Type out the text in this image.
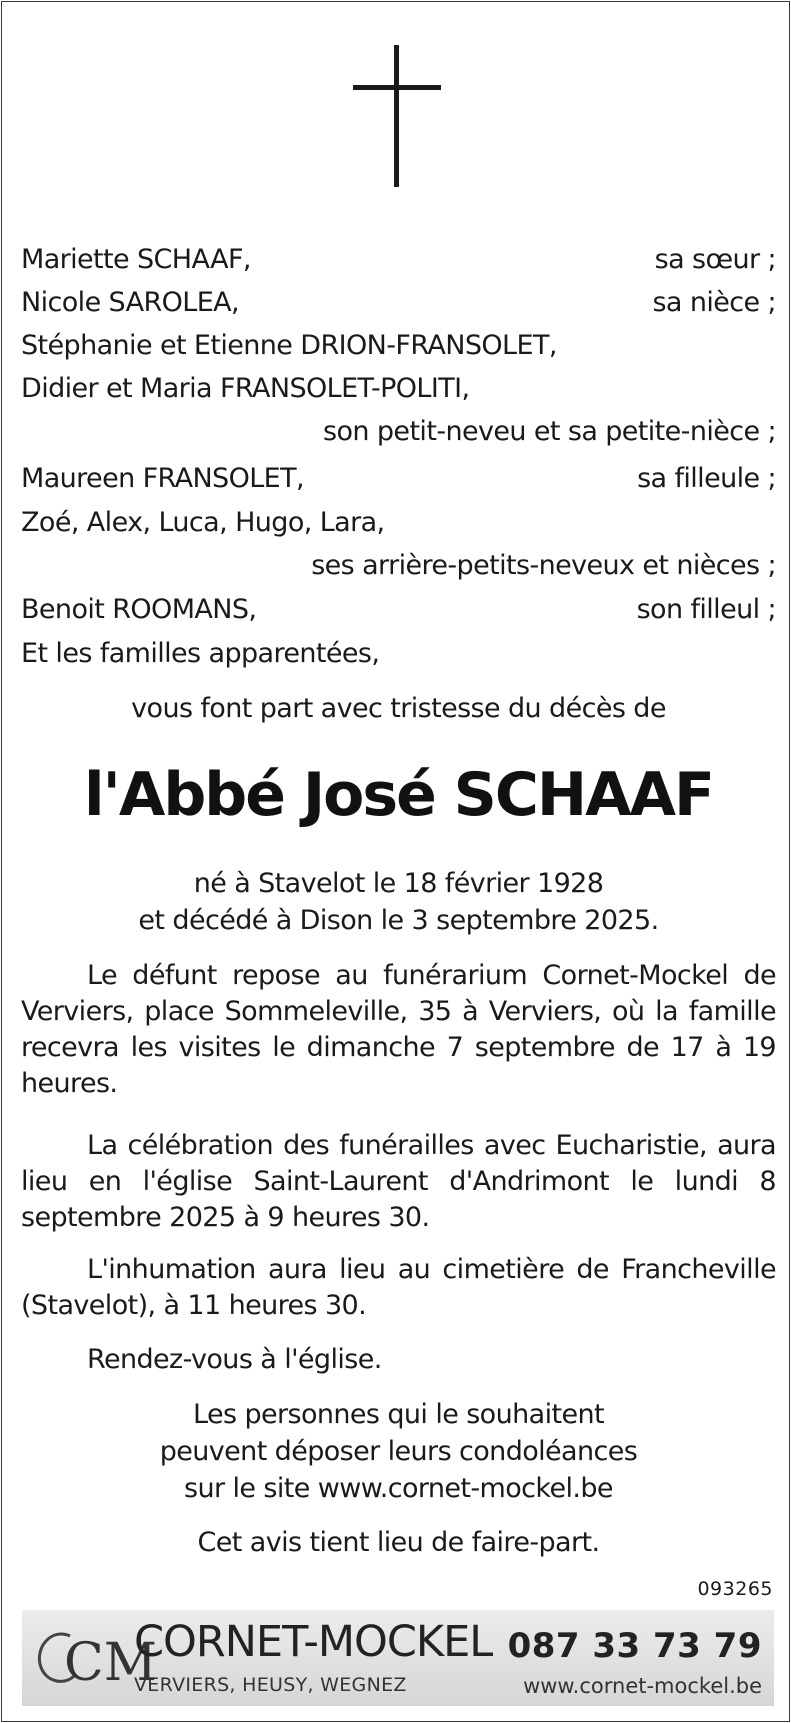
Mariette SCHAAF,	sa sœur ;
Nicole SAROLEA,	sa nièce ;
Stéphanie et Etienne DRION-FRANSOLET,
Didier et Maria FRANSOLET-POLITI,
son petit-neveu et sa petite-nièce ;
Maureen FRANSOLET,	sa filleule ;
Zoé, Alex, Luca, Hugo, Lara,
ses arrière-petits-neveux et nièces ;
Benoit ROOMANS,	son filleul ;
Et les familles apparentées,
vous font part avec tristesse du décès de
l'Abbé José SCHAAF
né à Stavelot le 18 février 1928
et décédé à Dison le 3 septembre 2025.
Le défunt repose au funérarium Cornet-Mockel de Verviers, place Sommeleville, 35 à Verviers, où la famille recevra les visites le dimanche 7 septembre de 17 à 19 heures.
La célébration des funérailles avec Eucharistie, aura lieu en l'église Saint-Laurent d'Andrimont le lundi 8 septembre 2025 à 9 heures 30.
L'inhumation aura lieu au cimetière de Francheville (Stavelot), à 11 heures 30.
Rendez-vous à l'église.
Les personnes qui le souhaitent
peuvent déposer leurs condoléances
sur le site www.cornet-mockel.be
Cet avis tient lieu de faire-part.
093265
CM
CORNET-MOCKEL
VERVIERS, HEUSY, WEGNEZ
087 33 73 79
www.cornet-mockel.be
